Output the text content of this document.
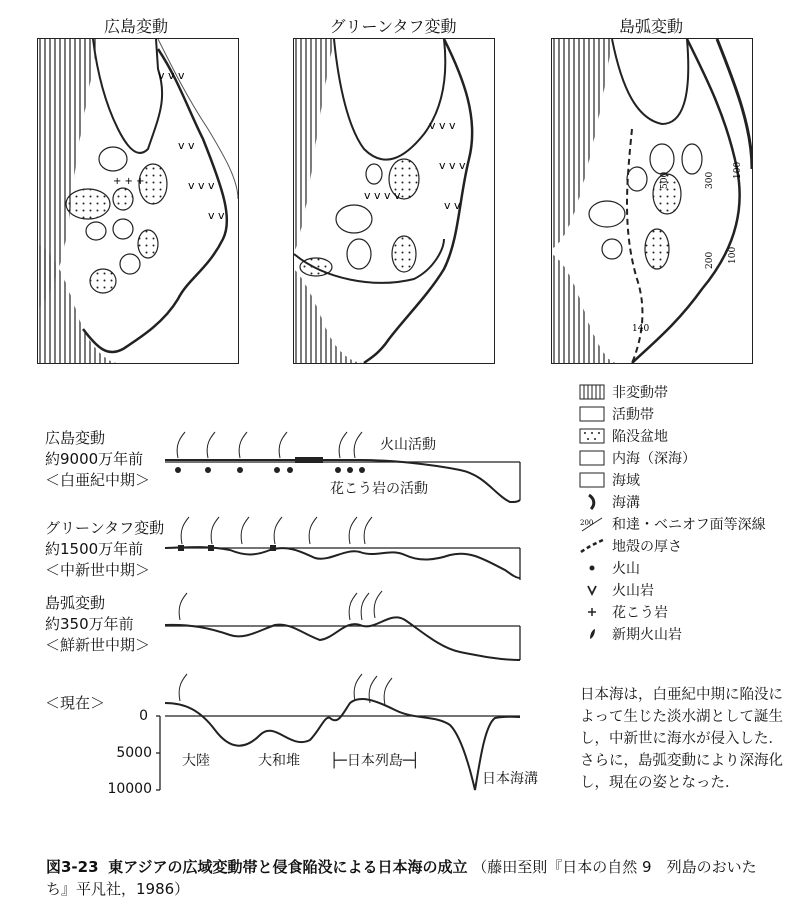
広島変動	グリーンタフ変動	島弧変動
v v v
v v
v v v
v v
+ + +
v v v
v v v
v v
v v v v
500	300
100
200 100
140
広島変動
約9000万年前
＜白亜紀中期＞
グリーンタフ変動
約1500万年前
＜中新世中期＞
島弧変動
約350万年前
＜鮮新世中期＞
＜現在＞
火山活動
花こう岩の活動
0
5000
10000
大陸	大和堆 ├─日本列島─┤
日本海溝
非変動帯
活動帯
陥没盆地
内海（深海）
海域
海溝
200 和達・ベニオフ面等深線
地殻の厚さ
火山
火山岩
花こう岩
新期火山岩
日本海は，白亜紀中期に陥没によって生じた淡水湖として誕生し，中新世に海水が侵入した．さらに，島弧変動により深海化し，現在の姿となった．
図3-23 東アジアの広域変動帯と侵食陥没による日本海の成立 （藤田至則『日本の自然 9　列島のおいたち』平凡社，1986）
